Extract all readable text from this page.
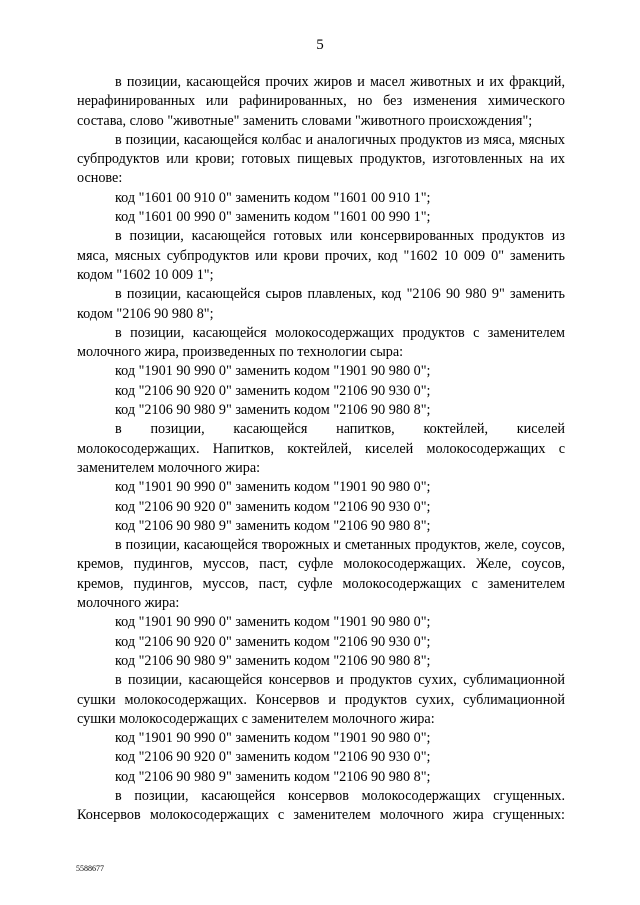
5

в позиции, касающейся прочих жиров и масел животных и их фракций, нерафинированных или рафинированных, но без изменения химического состава, слово "животные" заменить словами "животного происхождения";

в позиции, касающейся колбас и аналогичных продуктов из мяса, мясных субпродуктов или крови; готовых пищевых продуктов, изготовленных на их основе:

код "1601 00 910 0" заменить кодом "1601 00 910 1";

код "1601 00 990 0" заменить кодом "1601 00 990 1";

в позиции, касающейся готовых или консервированных продуктов из мяса, мясных субпродуктов или крови прочих, код "1602 10 009 0" заменить кодом "1602 10 009 1";

в позиции, касающейся сыров плавленых, код "2106 90 980 9" заменить кодом "2106 90 980 8";

в позиции, касающейся молокосодержащих продуктов с заменителем молочного жира, произведенных по технологии сыра:

код "1901 90 990 0" заменить кодом "1901 90 980 0";

код "2106 90 920 0" заменить кодом "2106 90 930 0";

код "2106 90 980 9" заменить кодом "2106 90 980 8";

в позиции, касающейся напитков, коктейлей, киселей молокосодержащих. Напитков, коктейлей, киселей молокосодержащих с заменителем молочного жира:

код "1901 90 990 0" заменить кодом "1901 90 980 0";

код "2106 90 920 0" заменить кодом "2106 90 930 0";

код "2106 90 980 9" заменить кодом "2106 90 980 8";

в позиции, касающейся творожных и сметанных продуктов, желе, соусов, кремов, пудингов, муссов, паст, суфле молокосодержащих. Желе, соусов, кремов, пудингов, муссов, паст, суфле молокосодержащих с заменителем молочного жира:

код "1901 90 990 0" заменить кодом "1901 90 980 0";

код "2106 90 920 0" заменить кодом "2106 90 930 0";

код "2106 90 980 9" заменить кодом "2106 90 980 8";

в позиции, касающейся консервов и продуктов сухих, сублимационной сушки молокосодержащих. Консервов и продуктов сухих, сублимационной сушки молокосодержащих с заменителем молочного жира:

код "1901 90 990 0" заменить кодом "1901 90 980 0";

код "2106 90 920 0" заменить кодом "2106 90 930 0";

код "2106 90 980 9" заменить кодом "2106 90 980 8";

в позиции, касающейся консервов молокосодержащих сгущенных. Консервов молокосодержащих с заменителем молочного жира сгущенных:

5588677
